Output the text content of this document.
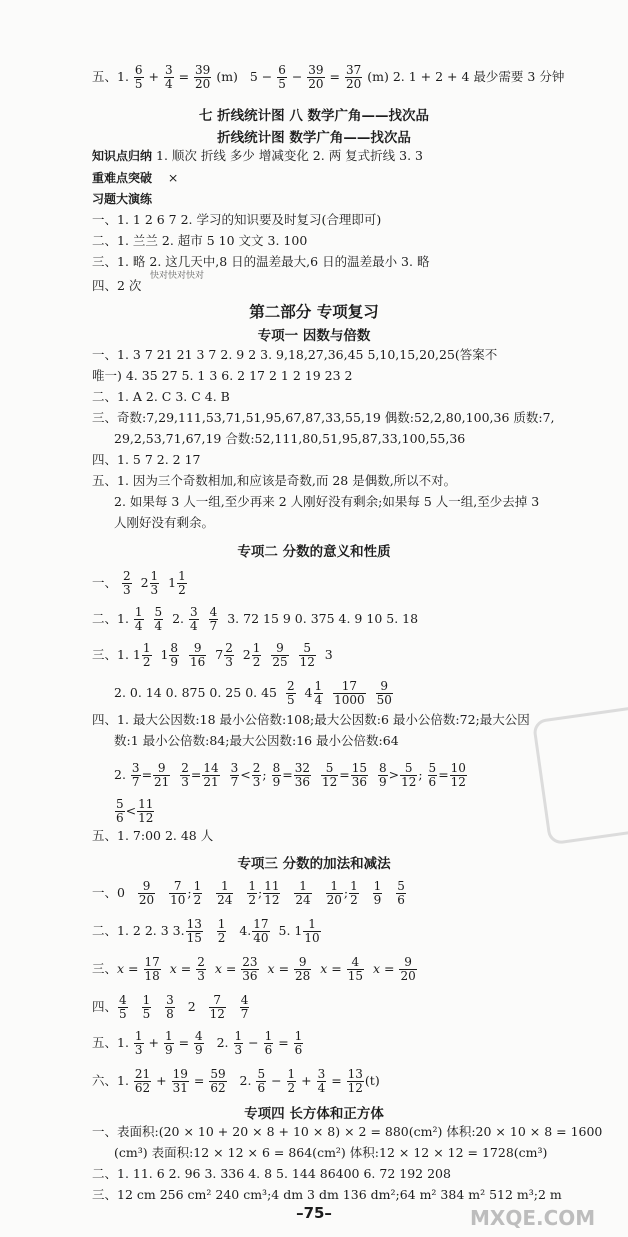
五、1. $\frac{6}{5} + \frac{3}{4} = \frac{39}{20} (m) 5 - \frac{6}{5} - \frac{39}{20} = \frac{37}{20} (m)$ 2. 1 + 2 + 4 最少需要 3 分钟
七 折线统计图 八 数学广角——找次品
折线统计图 数学广角——找次品
知识点归纳 1. 顺次 折线 多少 增减变化 2. 两 复式折线 3. 3
重难点突破 ×
习题大演练
一、1. 1 2 6 7 2. 学习的知识要及时复习(合理即可)
二、1. 兰兰 2. 超市 5 10 文文 3. 100
三、1. 略 2. 这几天中,8 日的温差最大,6 日的温差最小 3. 略
快对快对快对
四、2 次
第二部分 专项复习
专项一 因数与倍数
一、1. 3 7 21 21 3 7 2. 9 2 3. 9,18,27,36,45 5,10,15,20,25(答案不
唯一) 4. 35 27 5. 1 3 6. 2 17 2 1 2 19 23 2
二、1. A 2. C 3. C 4. B
三、奇数:7,29,111,53,71,51,95,67,87,33,55,19 偶数:52,2,80,100,36 质数:7,
29,2,53,71,67,19 合数:52,111,80,51,95,87,33,100,55,36
四、1. 5 7 2. 2 17
五、1. 因为三个奇数相加,和应该是奇数,而 28 是偶数,所以不对。
2. 如果每 3 人一组,至少再来 2 人刚好没有剩余;如果每 5 人一组,至少去掉 3
人刚好没有剩余。
专项二 分数的意义和性质
一、 $\frac{2}{3} 2 \frac{1}{3} 1 \frac{1}{2}$
二、1. $\frac{1}{4}$
$\frac{5}{4} 2$. $\frac{3}{4}$
$\frac{4}{7} 3$. 72 15 9 0. 375 4. 9 10 5. 18
三、1. $1 \frac{1}{2} 1 \frac{8}{9}$
$\frac{9}{16} 7 \frac{2}{3} 2 \frac{1}{2}$
$\frac{9}{25}$
$\frac{5}{12} 3$
2. 0. 14 0. 875 0. 25 0. $45 \frac{2}{5} 4 \frac{1}{4}$
$\frac{17}{1000}$
$\frac{9}{50}$
四、1. 最大公因数:18 最小公倍数:108;最大公因数:6 最小公倍数:72;最大公因
数:1 最小公倍数:84;最大公因数:16 最小公倍数:64
2. $\frac{3}{7} = \frac{9}{21}$
$\frac{2}{3} = \frac{14}{21}$
$\frac{3}{7} < \frac{2}{3}$ ; $\frac{8}{9} = \frac{32}{36}$
$\frac{5}{12} = \frac{15}{36}$
$\frac{8}{9} > \frac{5}{12}$ ; $\frac{5}{6} = \frac{10}{12}$
$\frac{5}{6} < \frac{11}{12}$
五、1. 7:00 2. 48 人
专项三 分数的加法和减法
一、$0 \frac{9}{20}$
$\frac{7}{10}$ ; $\frac{1}{2}$
$\frac{1}{24}$
$\frac{1}{2}$ ; $\frac{11}{12}$
$\frac{1}{24}$
$\frac{1}{20}$ ; $\frac{1}{2}$
$\frac{1}{9}$
$\frac{5}{6}$
二、1. 2 2. 3 3. $\frac{13}{15}$
$\frac{1}{2} 4$. $\frac{17}{40} 5$. $1 \frac{1}{10}$
三、$x = \frac{17}{18}$ $x = \frac{2}{3}$ $x = \frac{23}{36}$ $x = \frac{9}{28}$ $x = \frac{4}{15}$ $x = \frac{9}{20}$
四、 $\frac{4}{5}$
$\frac{1}{5}$
$\frac{3}{8} 2 \frac{7}{12}$
$\frac{4}{7}$
五、1. $\frac{1}{3} + \frac{1}{9} = \frac{4}{9} 2$. $\frac{1}{3} - \frac{1}{6} = \frac{1}{6}$
六、1. $\frac{21}{62} + \frac{19}{31} = \frac{59}{62} 2$. $\frac{5}{6} - \frac{1}{2} + \frac{3}{4} = \frac{13}{12} (t)$
专项四 长方体和正方体
一、表面积:(20 × 10 + 20 × 8 + 10 × 8) × 2 = 880(cm²) 体积:20 × 10 × 8 = 1600
(cm³) 表面积:12 × 12 × 6 = 864(cm²) 体积:12 × 12 × 12 = 1728(cm³)
二、1. 11. 6 2. 96 3. 336 4. 8 5. 144 86400 6. 72 192 208
三、12 cm 256 cm² 240 cm³;4 dm 3 dm 136 dm²;64 m² 384 m² 512 m³;2 m
–75–	MXQE.COM
